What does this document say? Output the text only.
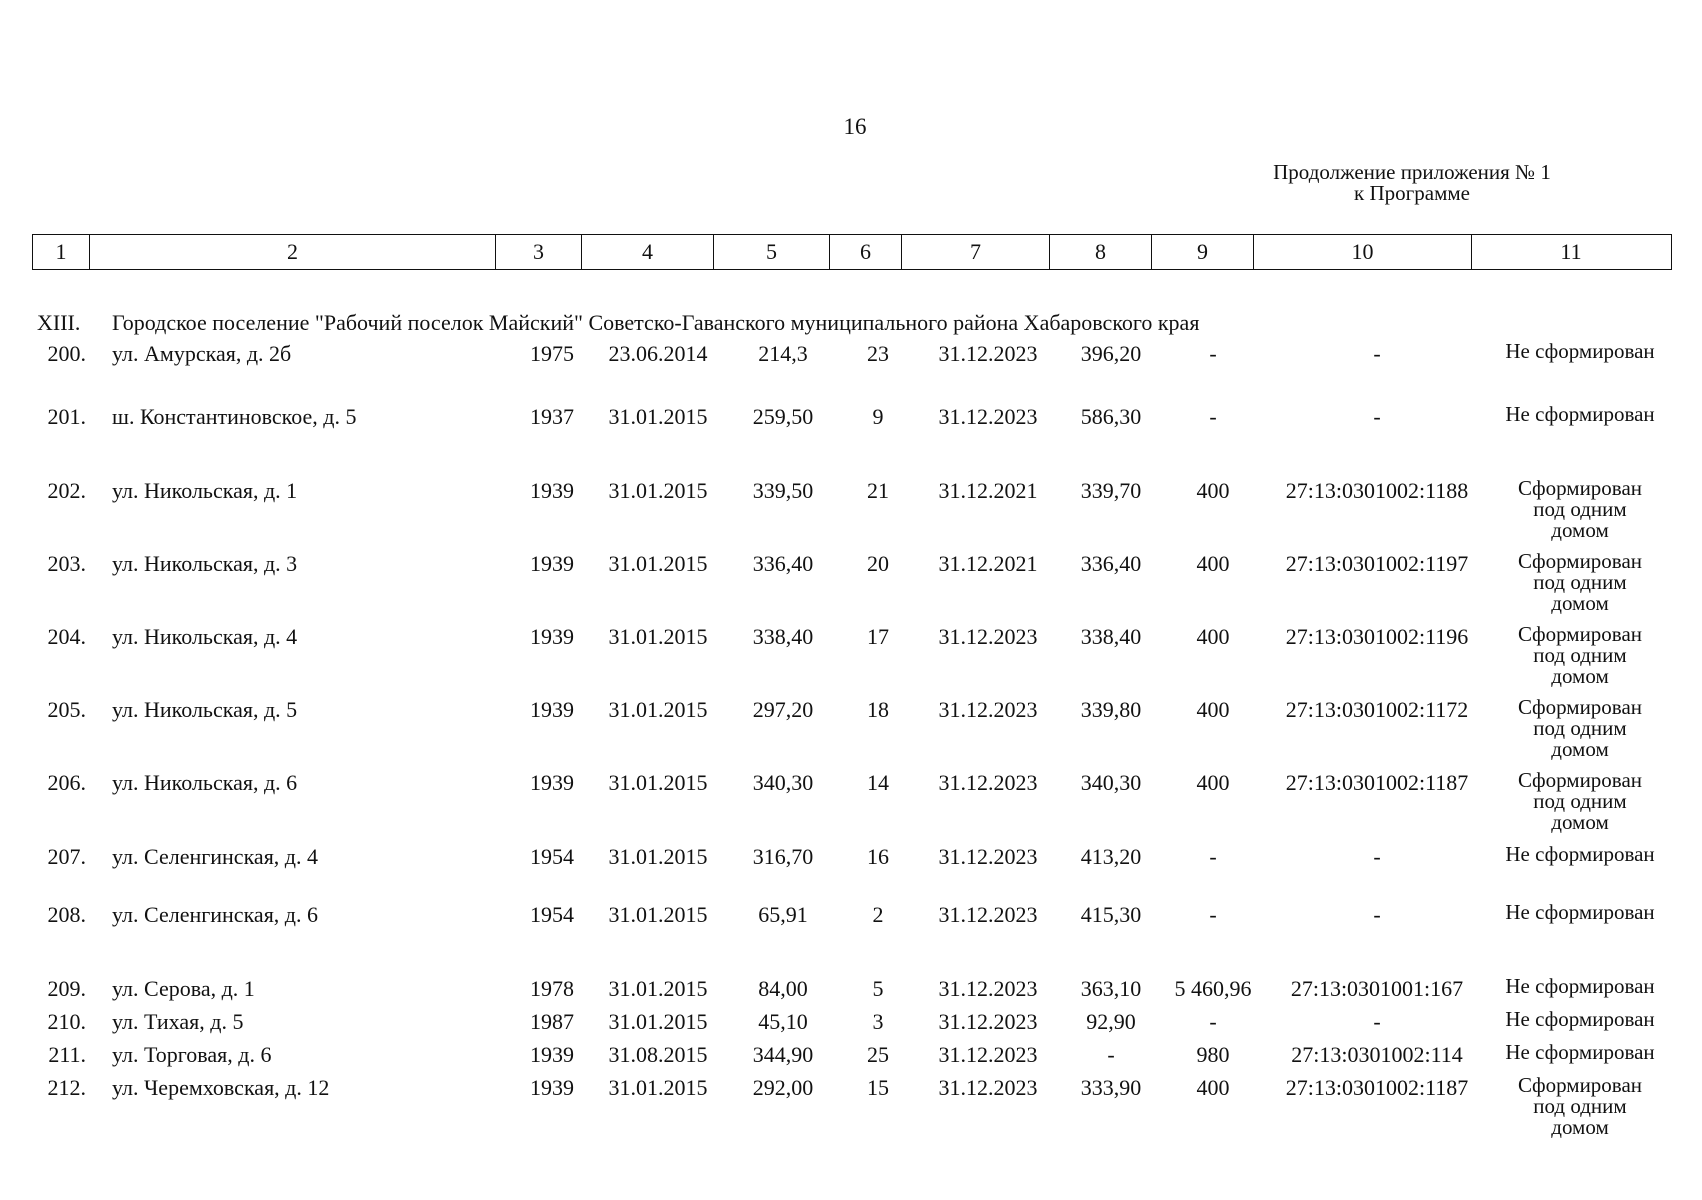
16
Продолжение приложения № 1
к Программе
1	2	3	4	5	6	7	8	9	10	11
XIII. Городское поселение "Рабочий поселок Майский" Советско-Гаванского муниципального района Хабаровского края
200. ул. Амурская, д. 2б	1975	23.06.2014	214,3	23	31.12.2023	396,20	-	-	Не сформирован
201. ш. Константиновское, д. 5	1937	31.01.2015	259,50	9	31.12.2023	586,30	-	-	Не сформирован
202. ул. Никольская, д. 1	1939	31.01.2015	339,50	21	31.12.2021	339,70	400	27:13:0301002:1188	Сформирован
под одним
домом
203. ул. Никольская, д. 3	1939	31.01.2015	336,40	20	31.12.2021	336,40	400	27:13:0301002:1197	Сформирован
под одним
домом
204. ул. Никольская, д. 4	1939	31.01.2015	338,40	17	31.12.2023	338,40	400	27:13:0301002:1196	Сформирован
под одним
домом
205. ул. Никольская, д. 5	1939	31.01.2015	297,20	18	31.12.2023	339,80	400	27:13:0301002:1172	Сформирован
под одним
домом
206. ул. Никольская, д. 6	1939	31.01.2015	340,30	14	31.12.2023	340,30	400	27:13:0301002:1187	Сформирован
под одним
домом
207. ул. Селенгинская, д. 4	1954	31.01.2015	316,70	16	31.12.2023	413,20	-	-	Не сформирован
208. ул. Селенгинская, д. 6	1954	31.01.2015	65,91	2	31.12.2023	415,30	-	-	Не сформирован
209. ул. Серова, д. 1	1978	31.01.2015	84,00	5	31.12.2023	363,10	5 460,96	27:13:0301001:167	Не сформирован
210. ул. Тихая, д. 5	1987	31.01.2015	45,10	3	31.12.2023	92,90	-	-	Не сформирован
211. ул. Торговая, д. 6	1939	31.08.2015	344,90	25	31.12.2023	-	980	27:13:0301002:114	Не сформирован
212. ул. Черемховская, д. 12	1939	31.01.2015	292,00	15	31.12.2023	333,90	400	27:13:0301002:1187	Сформирован
под одним
домом
